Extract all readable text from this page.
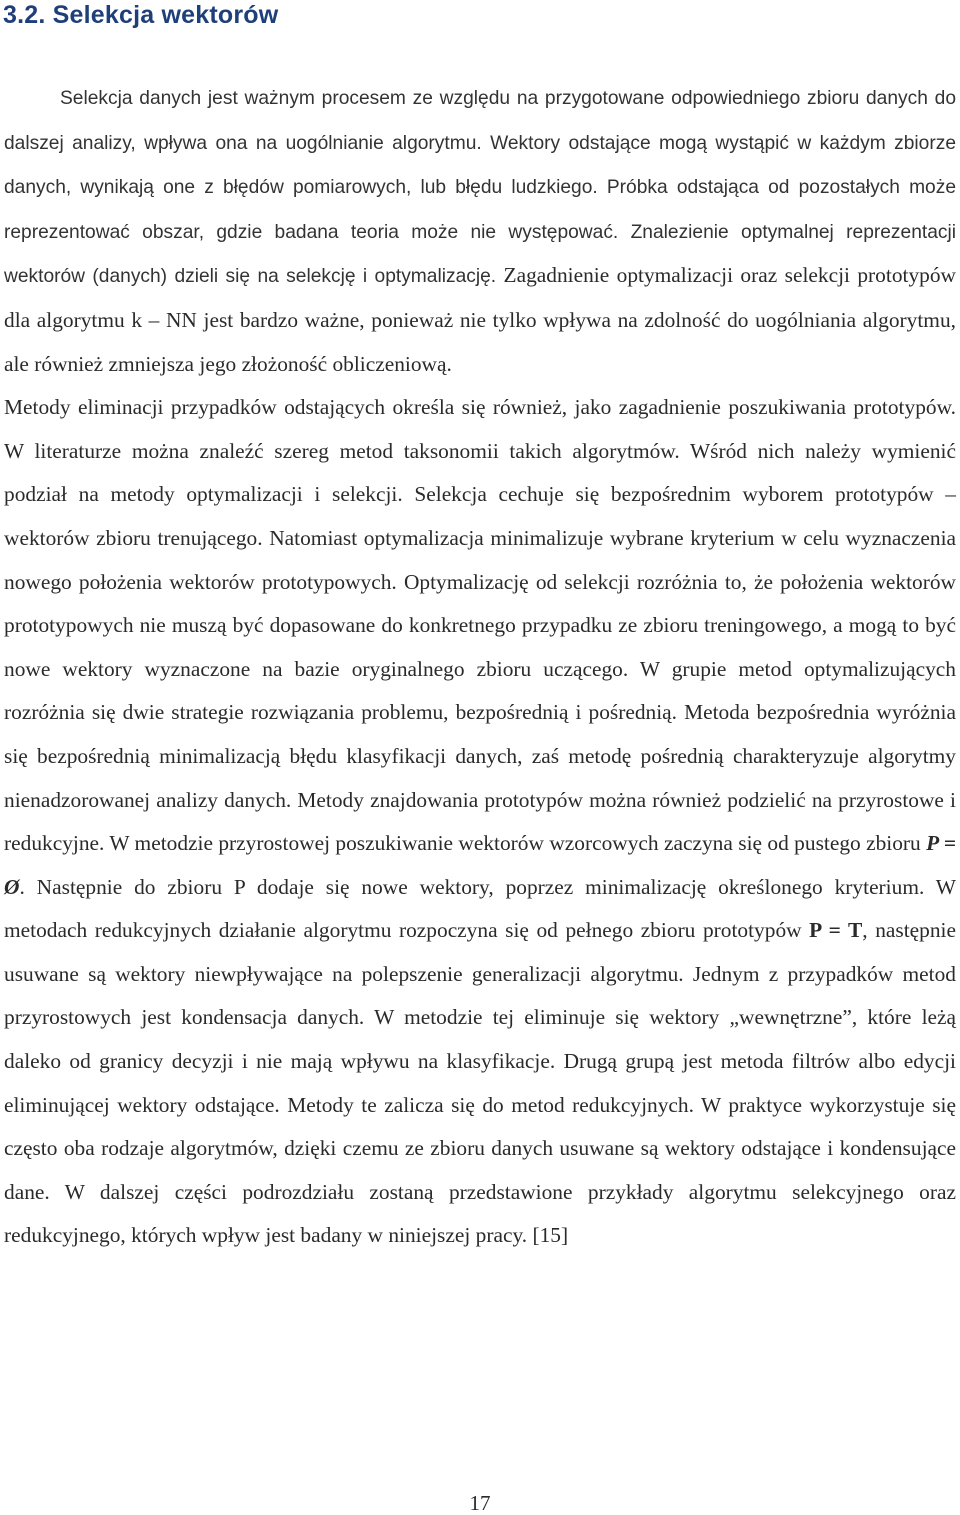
3.2. Selekcja wektorów

Selekcja danych jest ważnym procesem ze względu na przygotowane odpowiedniego zbioru danych do dalszej analizy, wpływa ona na uogólnianie algorytmu. Wektory odstające mogą wystąpić w każdym zbiorze danych, wynikają one z błędów pomiarowych, lub błędu ludzkiego. Próbka odstająca od pozostałych może reprezentować obszar, gdzie badana teoria może nie występować. Znalezienie optymalnej reprezentacji wektorów (danych) dzieli się na selekcję i optymalizację. Zagadnienie optymalizacji oraz selekcji prototypów dla algorytmu k – NN jest bardzo ważne, ponieważ nie tylko wpływa na zdolność do uogólniania algorytmu, ale również zmniejsza jego złożoność obliczeniową.

Metody eliminacji przypadków odstających określa się również, jako zagadnienie poszukiwania prototypów. W literaturze można znaleźć szereg metod taksonomii takich algorytmów. Wśród nich należy wymienić podział na metody optymalizacji i selekcji. Selekcja cechuje się bezpośrednim wyborem prototypów – wektorów zbioru trenującego. Natomiast optymalizacja minimalizuje wybrane kryterium w celu wyznaczenia nowego położenia wektorów prototypowych. Optymalizację od selekcji rozróżnia to, że położenia wektorów prototypowych nie muszą być dopasowane do konkretnego przypadku ze zbioru treningowego, a mogą to być nowe wektory wyznaczone na bazie oryginalnego zbioru uczącego. W grupie metod optymalizujących rozróżnia się dwie strategie rozwiązania problemu, bezpośrednią i pośrednią. Metoda bezpośrednia wyróżnia się bezpośrednią minimalizacją błędu klasyfikacji danych, zaś metodę pośrednią charakteryzuje algorytmy nienadzorowanej analizy danych. Metody znajdowania prototypów można również podzielić na przyrostowe i redukcyjne. W metodzie przyrostowej poszukiwanie wektorów wzorcowych zaczyna się od pustego zbioru P = Ø. Następnie do zbioru P dodaje się nowe wektory, poprzez minimalizację określonego kryterium. W metodach redukcyjnych działanie algorytmu rozpoczyna się od pełnego zbioru prototypów P = T, następnie usuwane są wektory niewpływające na polepszenie generalizacji algorytmu. Jednym z przypadków metod przyrostowych jest kondensacja danych. W metodzie tej eliminuje się wektory „wewnętrzne”, które leżą daleko od granicy decyzji i nie mają wpływu na klasyfikacje. Drugą grupą jest metoda filtrów albo edycji eliminującej wektory odstające. Metody te zalicza się do metod redukcyjnych. W praktyce wykorzystuje się często oba rodzaje algorytmów, dzięki czemu ze zbioru danych usuwane są wektory odstające i kondensujące dane. W dalszej części podrozdziału zostaną przedstawione przykłady algorytmu selekcyjnego oraz redukcyjnego, których wpływ jest badany w niniejszej pracy. [15]

17
